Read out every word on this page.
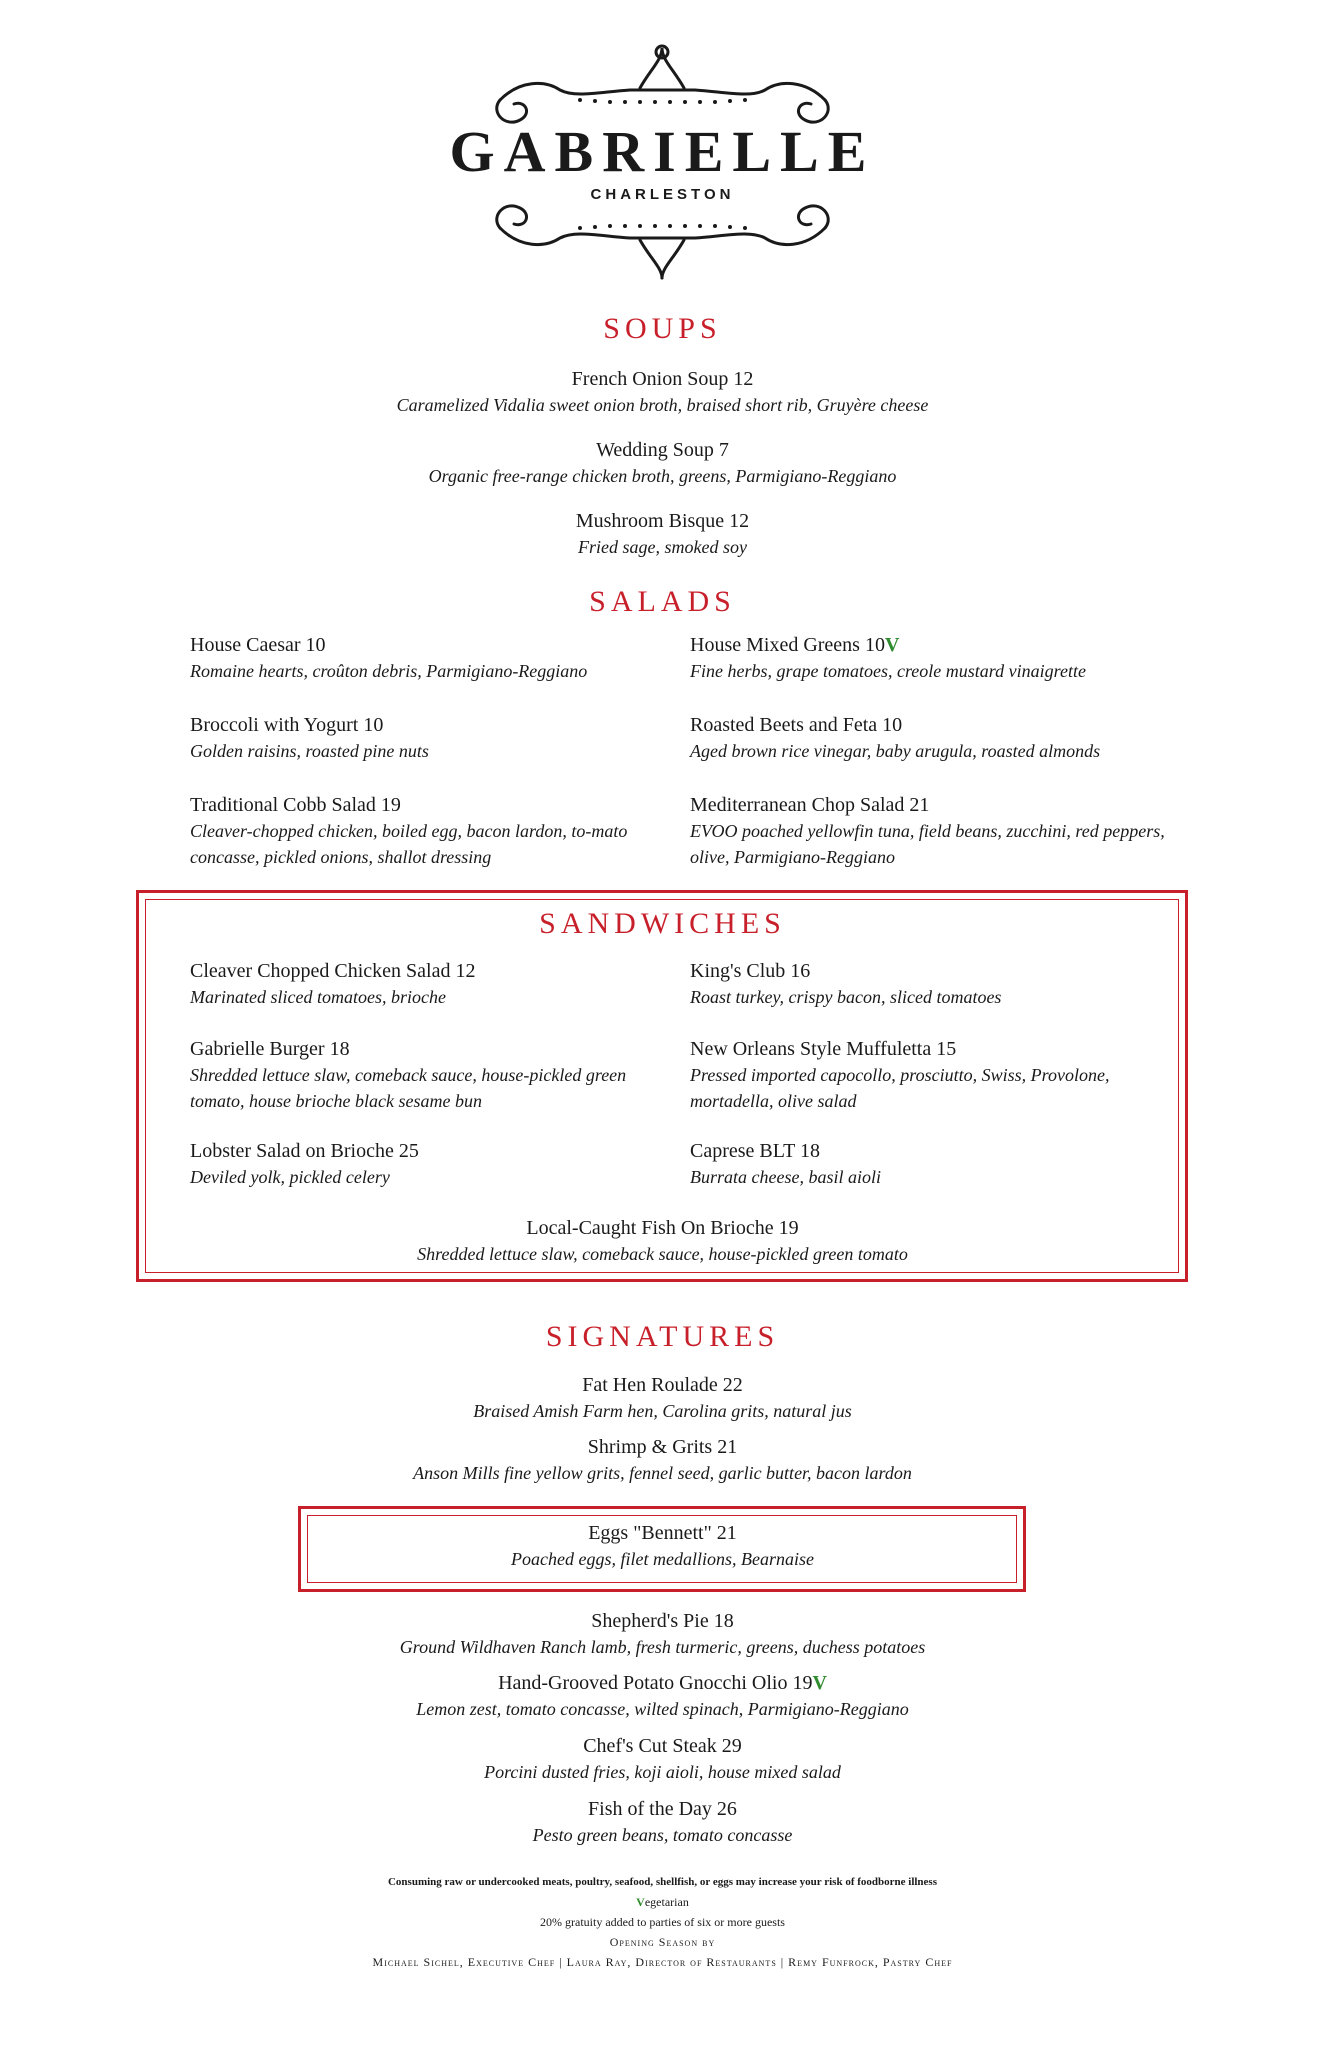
GABRIELLE
CHARLESTON
SOUPS
French Onion Soup 12
Caramelized Vidalia sweet onion broth, braised short rib, Gruyère cheese
Wedding Soup 7
Organic free-range chicken broth, greens, Parmigiano-Reggiano
Mushroom Bisque 12
Fried sage, smoked soy
SALADS
House Caesar 10
Romaine hearts, croûton debris, Parmigiano-Reggiano
Broccoli with Yogurt 10
Golden raisins, roasted pine nuts
Traditional Cobb Salad 19
Cleaver-chopped chicken, boiled egg, bacon lardon, to-mato concasse, pickled onions, shallot dressing
House Mixed Greens 10V
Fine herbs, grape tomatoes, creole mustard vinaigrette
Roasted Beets and Feta 10
Aged brown rice vinegar, baby arugula, roasted almonds
Mediterranean Chop Salad 21
EVOO poached yellowfin tuna, field beans, zucchini, red peppers, olive, Parmigiano-Reggiano
SANDWICHES
Cleaver Chopped Chicken Salad 12
Marinated sliced tomatoes, brioche
Gabrielle Burger 18
Shredded lettuce slaw, comeback sauce, house-pickled green tomato, house brioche black sesame bun
Lobster Salad on Brioche 25
Deviled yolk, pickled celery
King's Club 16
Roast turkey, crispy bacon, sliced tomatoes
New Orleans Style Muffuletta 15
Pressed imported capocollo, prosciutto, Swiss, Provolone, mortadella, olive salad
Caprese BLT 18
Burrata cheese, basil aioli
Local-Caught Fish On Brioche 19
Shredded lettuce slaw, comeback sauce, house-pickled green tomato
SIGNATURES
Fat Hen Roulade 22
Braised Amish Farm hen, Carolina grits, natural jus
Shrimp & Grits 21
Anson Mills fine yellow grits, fennel seed, garlic butter, bacon lardon
Eggs "Bennett" 21
Poached eggs, filet medallions, Bearnaise
Shepherd's Pie 18
Ground Wildhaven Ranch lamb, fresh turmeric, greens, duchess potatoes
Hand-Grooved Potato Gnocchi Olio 19V
Lemon zest, tomato concasse, wilted spinach, Parmigiano-Reggiano
Chef's Cut Steak 29
Porcini dusted fries, koji aioli, house mixed salad
Fish of the Day 26
Pesto green beans, tomato concasse
Consuming raw or undercooked meats, poultry, seafood, shellfish, or eggs may increase your risk of foodborne illness
Vegetarian
20% gratuity added to parties of six or more guests
Opening Season by
Michael Sichel, Executive Chef | Laura Ray, Director of Restaurants | Remy Funfrock, Pastry Chef
